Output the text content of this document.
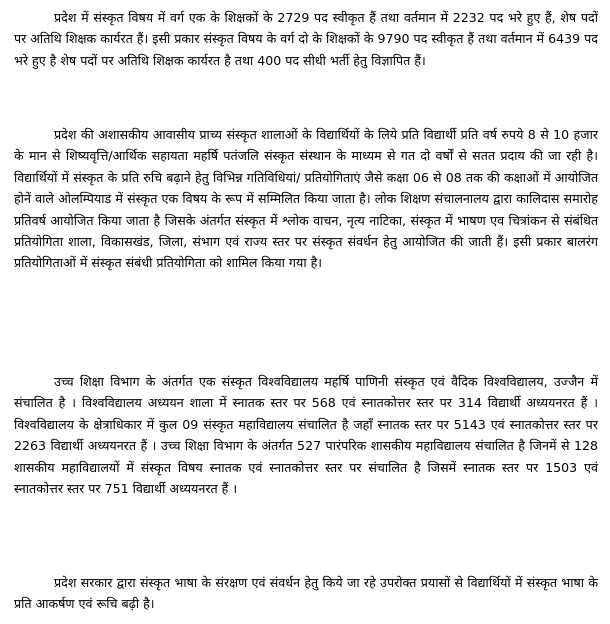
प्रदेश में संस्कृत विषय में वर्ग एक के शिक्षकों के 2729 पद स्वीकृत हैं तथा वर्तमान में 2232 पद भरे हुए हैं, शेष पदों पर अतिथि शिक्षक कार्यरत हैं। इसी प्रकार संस्कृत विषय के वर्ग दो के शिक्षकों के 9790 पद स्वीकृत हैं तथा वर्तमान में 6439 पद भरे हुए है शेष पदों पर अतिथि शिक्षक कार्यरत है तथा 400 पद सीधी भर्ती हेतु विज्ञापित हैं।

प्रदेश की अशासकीय आवासीय प्राच्य संस्कृत शालाओं के विद्यार्थियों के लिये प्रति विद्यार्थी प्रति वर्ष रुपये 8 से 10 हजार के मान से शिष्यवृत्ति/आर्थिक सहायता महर्षि पतंजलि संस्कृत संस्थान के माध्यम से गत दो वर्षों से सतत प्रदाय की जा रही है। विद्यार्थियों में संस्कृत के प्रति रुचि बढ़ाने हेतु विभिन्न गतिविधियां/ प्रतियोगिताएं जैसे कक्षा 06 से 08 तक की कक्षाओं में आयोजित होनें वाले ओलम्पियाड में संस्कृत एक विषय के रूप में सम्मिलित किया जाता है। लोक शिक्षण संचालनालय द्वारा कालिदास समारोह प्रतिवर्ष आयोजित किया जाता है जिसके अंतर्गत संस्कृत में श्लोक वाचन, नृत्य नाटिका, संस्कृत में भाषण एव चित्रांकन से संबंधित प्रतियोगिता शाला, विकासखंड, जिला, संभाग एवं राज्य स्तर पर संस्कृत संवर्धन हेतु आयोजित की जाती हैं। इसी प्रकार बालरंग प्रतियोगिताओं में संस्कृत संबंधी प्रतियोगिता को शामिल किया गया है।

उच्च शिक्षा विभाग के अंतर्गत एक संस्कृत विश्वविद्यालय महर्षि पाणिनी संस्कृत एवं वैदिक विश्वविद्यालय, उज्जैन में संचालित है । विश्वविद्यालय अध्ययन शाला में स्नातक स्तर पर 568 एवं स्नातकोत्तर स्तर पर 314 विद्यार्थी अध्ययनरत हैं । विश्वविद्यालय के क्षेत्राधिकार में कुल 09 संस्कृत महाविद्यालय संचालित है जहाँ स्नातक स्तर पर 5143 एवं स्नातकोत्तर स्तर पर 2263 विद्यार्थी अध्ययनरत हैं । उच्च शिक्षा विभाग के अंतर्गत 527 पारंपरिक शासकीय महाविद्यालय संचालित है जिनमें से 128 शासकीय महाविद्यालयों में संस्कृत विषय स्नातक एवं स्नातकोत्तर स्तर पर संचालित है जिसमें स्नातक स्तर पर 1503 एवं स्नातकोत्तर स्तर पर 751 विद्यार्थी अध्ययनरत हैं ।

प्रदेश सरकार द्वारा संस्कृत भाषा के संरक्षण एवं संवर्धन हेतु किये जा रहे उपरोक्त प्रयासों से विद्यार्थियों में संस्कृत भाषा के प्रति आकर्षण एवं रूचि बढ़ी है।
